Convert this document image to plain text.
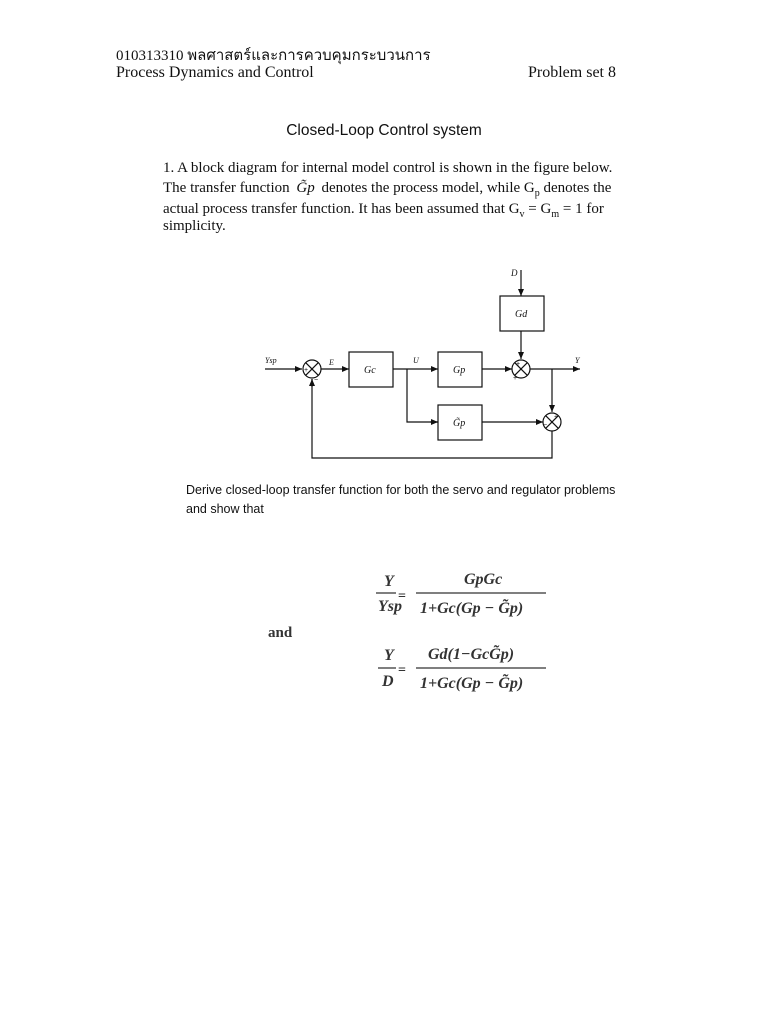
010313310 พลศาสตร์และการควบคุมกระบวนการ
Process Dynamics and Control	Problem set 8
Closed-Loop Control system
1. A block diagram for internal model control is shown in the figure below.
The transfer function G̃p denotes the process model, while $G_p$ denotes the
actual process transfer function. It has been assumed that $G_v = G_m = 1$ for
simplicity.
D
Gd
Ysp	E
Gc
U
Gp
Y
G̃p
+
−
+
+
+
−
Derive closed-loop transfer function for both the servo and regulator problems
and show that
Y
Ysp
=
GpGc
1+Gc(Gp − G̃p)
and
Y
D
=
Gd(1−GcG̃p)
1+Gc(Gp − G̃p)
